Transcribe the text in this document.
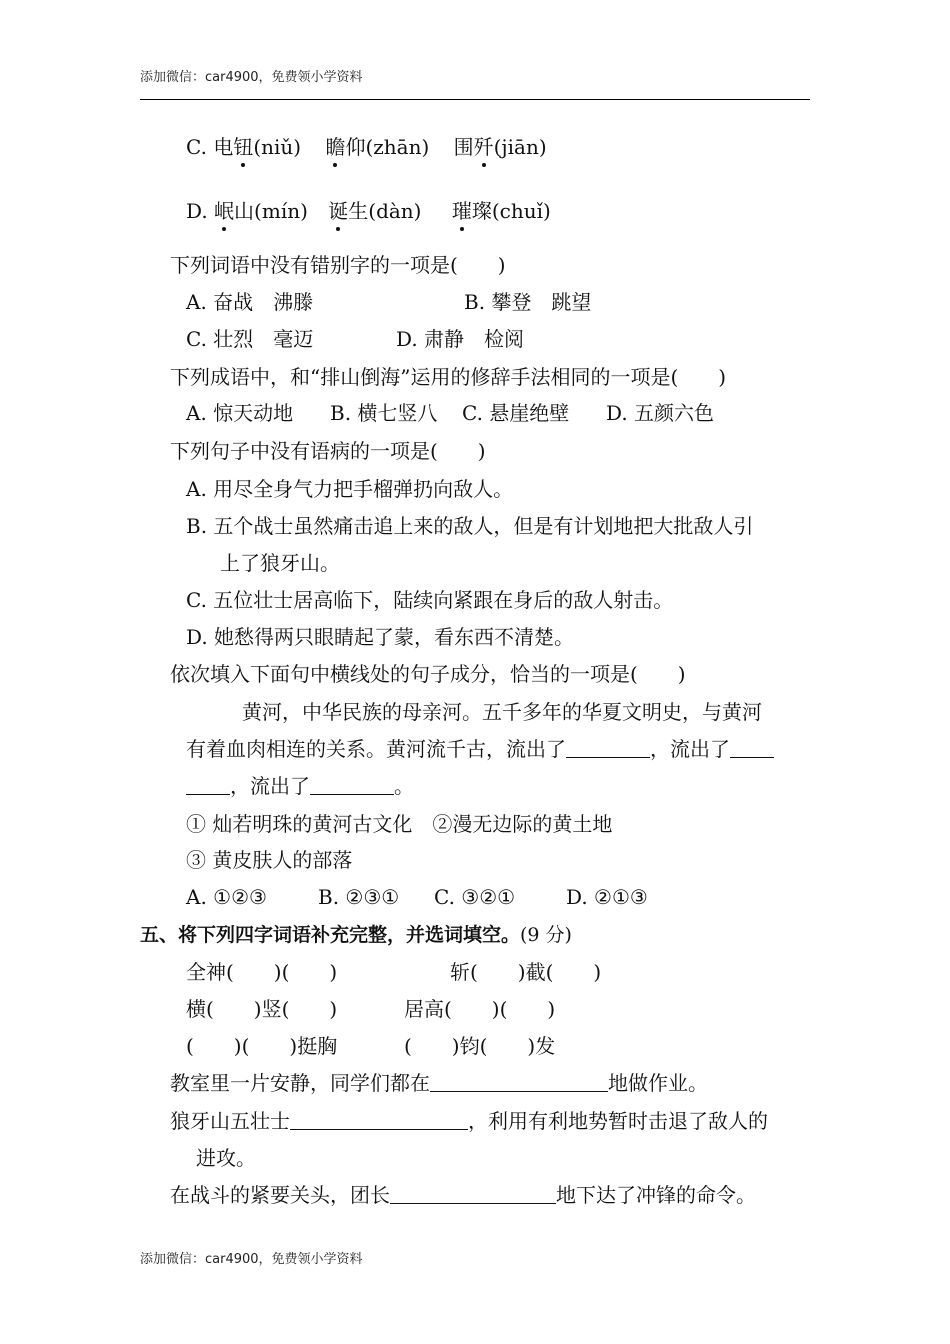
添加微信：car4900，免费领小学资料
C. 电钮(niǔ) 瞻仰(zhān) 围歼(jiān)
D. 岷山(mín) 诞生(dàn) 璀璨(chuǐ)
下列词语中没有错别字的一项是(　　)
A. 奋战　沸滕	B. 攀登　跳望
C. 壮烈　毫迈	D. 肃静　检阅
下列成语中，和“排山倒海”运用的修辞手法相同的一项是(　　)
A. 惊天动地 B. 横七竖八 C. 悬崖绝壁 D. 五颜六色
下列句子中没有语病的一项是(　　)
A. 用尽全身气力把手榴弹扔向敌人。
B. 五个战士虽然痛击追上来的敌人，但是有计划地把大批敌人引
上了狼牙山。
C. 五位壮士居高临下，陆续向紧跟在身后的敌人射击。
D. 她愁得两只眼睛起了蒙，看东西不清楚。
依次填入下面句中横线处的句子成分，恰当的一项是(　　)
黄河，中华民族的母亲河。五千多年的华夏文明史，与黄河
有着血肉相连的关系。黄河流千古，流出了	，流出了
，流出了	。
① 灿若明珠的黄河古文化　②漫无边际的黄土地
③ 黄皮肤人的部落
A. ①②③	B. ②③① C. ③②①	D. ②①③
五、将下列四字词语补充完整，并选词填空。(9 分)
全神(　　)(　　)	斩(　　)截(　　)
横(　　)竖(　　)	居高(　　)(　　)
(　　)(　　)挺胸	(　　)钧(　　)发
教室里一片安静，同学们都在	地做作业。
狼牙山五壮士	，利用有利地势暂时击退了敌人的
进攻。
在战斗的紧要关头，团长	地下达了冲锋的命令。
添加微信：car4900，免费领小学资料
